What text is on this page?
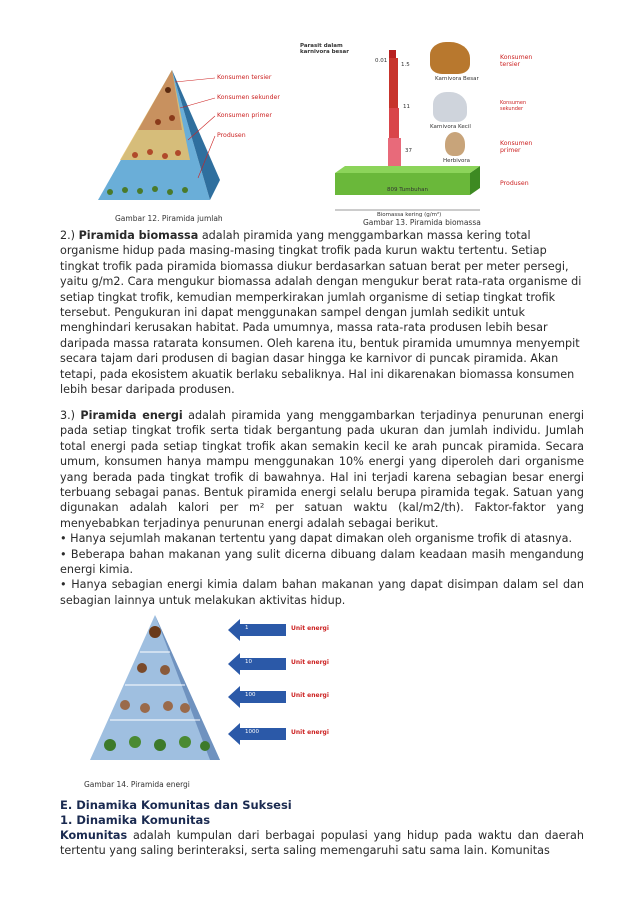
Konsumen tersier
Konsumen sekunder
Konsumen primer
Produsen
Gambar 12. Piramida jumlah
Parasit dalam karnivora besar
0.01
1.5
11
37
809 Tumbuhan
Biomassa kering (g/m²)
Karnivora Besar
Karnivora Kecil
Herbivora
Konsumen tersier
Konsumen sekunder
Konsumen primer
Produsen
Gambar 13. Piramida biomassa
2.) Piramida biomassa adalah piramida yang menggambarkan massa kering total organisme hidup pada masing-masing tingkat trofik pada kurun waktu tertentu. Setiap tingkat trofik pada piramida biomassa diukur berdasarkan satuan berat per meter persegi, yaitu g/m2. Cara mengukur biomassa adalah dengan mengukur berat rata-rata organisme di setiap tingkat trofik, kemudian memperkirakan jumlah organisme di setiap tingkat trofik tersebut. Pengukuran ini dapat menggunakan sampel dengan jumlah sedikit untuk menghindari kerusakan habitat. Pada umumnya, massa rata-rata produsen lebih besar daripada massa ratarata konsumen. Oleh karena itu, bentuk piramida umumnya menyempit secara tajam dari produsen di bagian dasar hingga ke karnivor di puncak piramida. Akan tetapi, pada ekosistem akuatik berlaku sebaliknya. Hal ini dikarenakan biomassa konsumen lebih besar daripada produsen.
3.) Piramida energi adalah piramida yang menggambarkan terjadinya penurunan energi pada setiap tingkat trofik serta tidak bergantung pada ukuran dan jumlah individu. Jumlah total energi pada setiap tingkat trofik akan semakin kecil ke arah puncak piramida. Secara umum, konsumen hanya mampu menggunakan 10% energi yang diperoleh dari organisme yang berada pada tingkat trofik di bawahnya. Hal ini terjadi karena sebagian besar energi terbuang sebagai panas. Bentuk piramida energi selalu berupa piramida tegak. Satuan yang digunakan adalah kalori per m² per satuan waktu (kal/m2/th). Faktor-faktor yang menyebabkan terjadinya penurunan energi adalah sebagai berikut.
• Hanya sejumlah makanan tertentu yang dapat dimakan oleh organisme trofik di atasnya.
• Beberapa bahan makanan yang sulit dicerna dibuang dalam keadaan masih mengandung energi kimia.
• Hanya sebagian energi kimia dalam bahan makanan yang dapat disimpan dalam sel dan sebagian lainnya untuk melakukan aktivitas hidup.
1	Unit energi
10	Unit energi
100	Unit energi
1000	Unit energi
Gambar 14. Piramida energi
E. Dinamika Komunitas dan Suksesi
1. Dinamika Komunitas
Komunitas adalah kumpulan dari berbagai populasi yang hidup pada waktu dan daerah tertentu yang saling berinteraksi, serta saling memengaruhi satu sama lain. Komunitas
